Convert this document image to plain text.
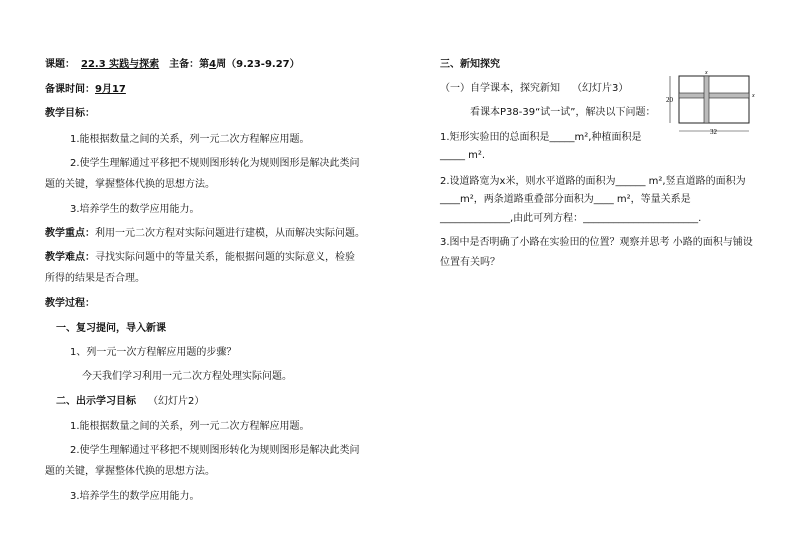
课题： 22.3 实践与探索 主备：第4周（9.23-9.27）
备课时间：9月17
教学目标：
1.能根据数量之间的关系，列一元二次方程解应用题。
2.使学生理解通过平移把不规则图形转化为规则图形是解决此类问
题的关键，掌握整体代换的思想方法。
3.培养学生的数学应用能力。
教学重点：利用一元二次方程对实际问题进行建模，从而解决实际问题。
教学难点：寻找实际问题中的等量关系，能根据问题的实际意义，检验
所得的结果是否合理。
教学过程：
一、复习提问，导入新课
1、列一元一次方程解应用题的步骤？
今天我们学习利用一元二次方程处理实际问题。
二、出示学习目标 （幻灯片2）
1.能根据数量之间的关系，列一元二次方程解应用题。
2.使学生理解通过平移把不规则图形转化为规则图形是解决此类问
题的关键，掌握整体代换的思想方法。
3.培养学生的数学应用能力。
三、新知探究
（一）自学课本，探究新知 （幻灯片3）
看课本P38-39“试一试”，解决以下问题：
1.矩形实验田的总面积是_____m²,种植面积是
_____ m².
2.设道路宽为x米，则水平道路的面积为______ m²,竖直道路的面积为
____m²，两条道路重叠部分面积为____ m²，等量关系是
______________,由此可列方程：_______________________.
3.图中是否明确了小路在实验田的位置？观察并思考 小路的面积与铺设
位置有关吗？
20
32
x
x
